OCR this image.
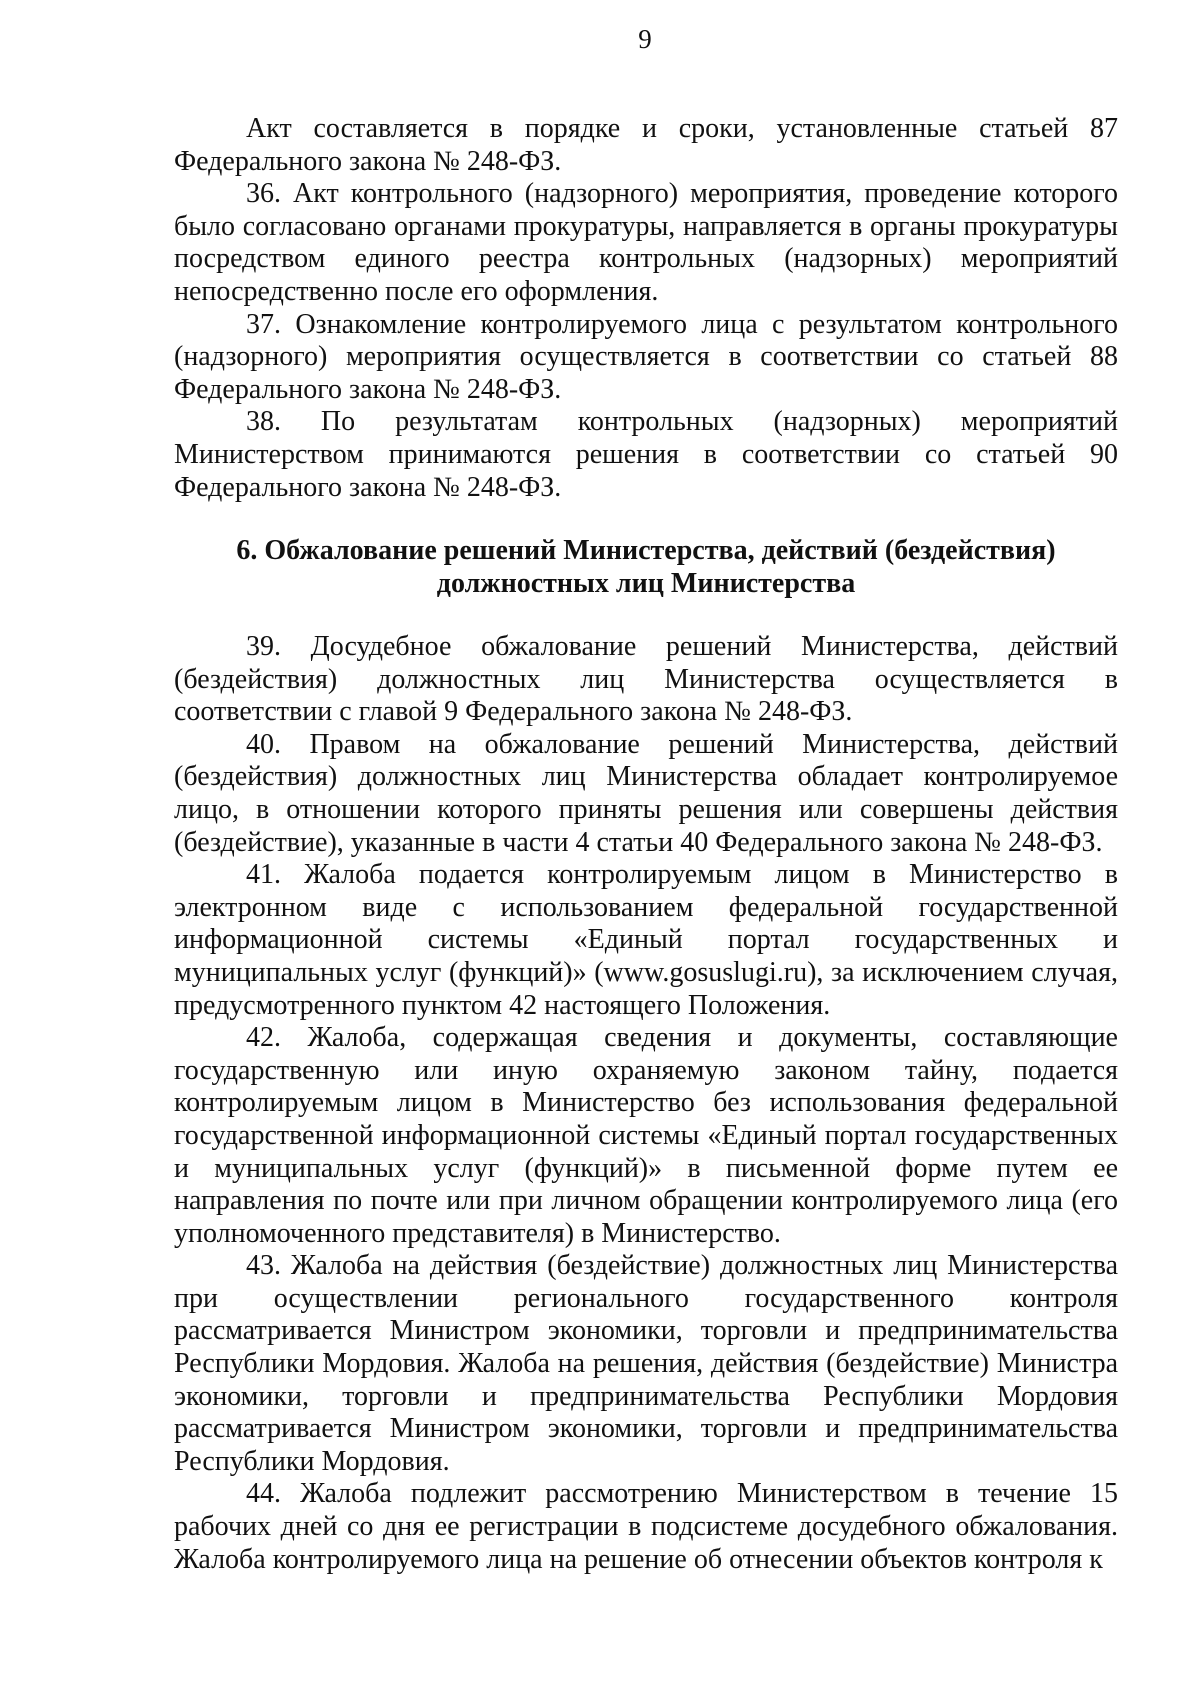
9

Акт составляется в порядке и сроки, установленные статьей 87 Федерального закона № 248-ФЗ.

36. Акт контрольного (надзорного) мероприятия, проведение которого было согласовано органами прокуратуры, направляется в органы прокуратуры посредством единого реестра контрольных (надзорных) мероприятий непосредственно после его оформления.

37. Ознакомление контролируемого лица с результатом контрольного (надзорного) мероприятия осуществляется в соответствии со статьей 88 Федерального закона № 248-ФЗ.

38. По результатам контрольных (надзорных) мероприятий Министерством принимаются решения в соответствии со статьей 90 Федерального закона № 248-ФЗ.

6. Обжалование решений Министерства, действий (бездействия)
должностных лиц Министерства

39. Досудебное обжалование решений Министерства, действий (бездействия) должностных лиц Министерства осуществляется в соответствии с главой 9 Федерального закона № 248-ФЗ.

40. Правом на обжалование решений Министерства, действий (бездействия) должностных лиц Министерства обладает контролируемое лицо, в отношении которого приняты решения или совершены действия (бездействие), указанные в части 4 статьи 40 Федерального закона № 248-ФЗ.

41. Жалоба подается контролируемым лицом в Министерство в электронном виде с использованием федеральной государственной информационной системы «Единый портал государственных и муниципальных услуг (функций)» (www.gosuslugi.ru), за исключением случая, предусмотренного пунктом 42 настоящего Положения.

42. Жалоба, содержащая сведения и документы, составляющие государственную или иную охраняемую законом тайну, подается контролируемым лицом в Министерство без использования федеральной государственной информационной системы «Единый портал государственных и муниципальных услуг (функций)» в письменной форме путем ее направления по почте или при личном обращении контролируемого лица (его уполномоченного представителя) в Министерство.

43. Жалоба на действия (бездействие) должностных лиц Министерства при осуществлении регионального государственного контроля рассматривается Министром экономики, торговли и предпринимательства Республики Мордовия. Жалоба на решения, действия (бездействие) Министра экономики, торговли и предпринимательства Республики Мордовия рассматривается Министром экономики, торговли и предпринимательства Республики Мордовия.

44. Жалоба подлежит рассмотрению Министерством в течение 15 рабочих дней со дня ее регистрации в подсистеме досудебного обжалования. Жалоба контролируемого лица на решение об отнесении объектов контроля к
